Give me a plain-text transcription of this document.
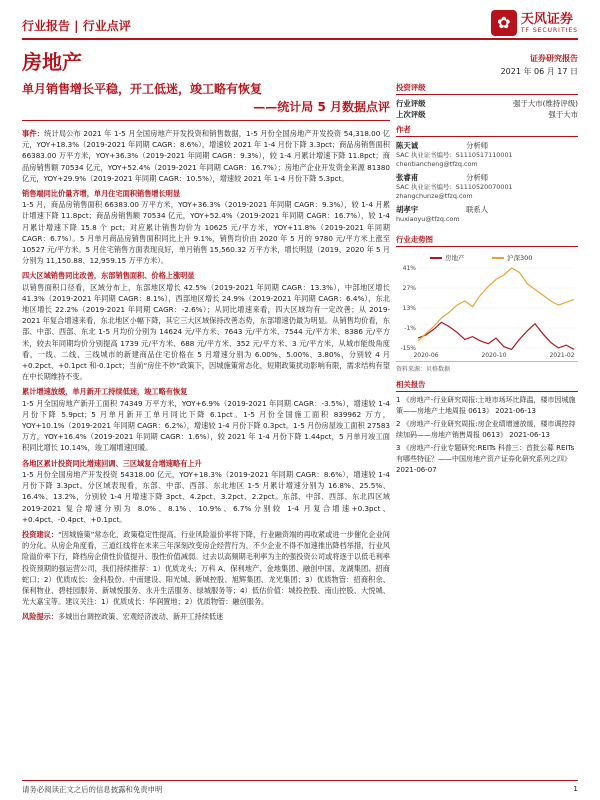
行业报告 | 行业点评	✿ 天风证券
TF SECURITIES
房地产	证券研究报告
2021 年 06 月 17 日
单月销售增长平稳，开工低迷，竣工略有恢复
——统计局 5 月数据点评
事件：统计局公布 2021 年 1-5 月全国房地产开发投资和销售数据，1-5 月份全国房地产开发投资 54,318.00 亿元，YOY+18.3%（2019-2021 年同期 CAGR：8.6%），增速较 2021 年 1-4 月份下降 3.3pct；商品房销售面积 66383.00 万平方米，YOY+36.3%（2019-2021 年同期 CAGR：9.3%），较 1-4 月累计增速下降 11.8pct；商品房销售额 70534 亿元，YOY+52.4%（2019-2021 年同期 CAGR：16.7%）；房地产企业开发资金来源 81380 亿元，YOY+29.9%（2019-2021 年同期 CAGR：10.5%），增速较 2021 年 1-4 月份下降 5.3pct。
销售端同比价量齐增，单月住宅面积销售增长明显
1-5 月，商品房销售面积 66383.00 万平方米，YOY+36.3%（2019-2021 年同期 CAGR：9.3%），较 1-4 月累计增速下降 11.8pct；商品房销售额 70534 亿元，YOY+52.4%（2019-2021 年同期 CAGR：16.7%），较 1-4 月累计增速下降 15.8 个 pct；对应累计销售均价为 10625 元/平方米，YOY+11.8%（2019-2021 年同期 CAGR：6.7%）。5 月单月商品房销售面积同比上升 9.1%，销售均价由 2020 年 5 月的 9780 元/平方米上涨至 10527 元/平方米。5 月住宅销售方面表现良好，单月销售 15,560.32 万平方米，增长明显（2019、2020 年 5 月分别为 11,150.88、12,959.15 万平方米）。
四大区域销售同比改善，东部销售面积、价格上涨明显
以销售面积口径看，区域分布上，东部地区增长 42.5%（2019-2021 年同期 CAGR：13.3%），中部地区增长 41.3%（2019-2021 年同期 CAGR：8.1%），西部地区增长 24.9%（2019-2021 年同期 CAGR：6.4%），东北地区增长 22.2%（2019-2021 年同期 CAGR：-2.6%）；从同比增速来看，四大区域均有一定改善；从 2019-2021 年复合增速来看，东北地区小幅下降，其它三大区域保持改善态势，东部增速仍最为明显。从销售均价看，东部、中部、西部、东北 1-5 月均价分别为 14624 元/平方米、7643 元/平方米、7544 元/平方米、8386 元/平方米，较去年同期均价分别提高 1739 元/平方米、688 元/平方米、352 元/平方米、3 元/平方米，从城市能级角度看，一线、二线、三线城市的新建商品住宅价格在 5 月增速分别为 6.00%、5.00%、3.80%，分别较 4 月+0.2pct、+0.1pct 和-0.1pct；当前“房住不炒”政策下，因城施策常态化，短期政策扰动影响有限，需求结构有望在中长期维持不变。
累计增速放缓，单月新开工持续低迷，竣工略有恢复
1-5 月全国房地产新开工面积 74349 万平方米，YOY+6.9%（2019-2021 年同期 CAGR：-3.5%），增速较 1-4 月份下降 5.9pct；5 月单月新开工单月同比下降 6.1pct。1-5 月份全国施工面积 839962 万方，YOY+10.1%（2019-2021 年同期 CAGR：6.2%），增速较 1-4 月份下降 0.3pct。1-5 月份房屋竣工面积 27583 万方，YOY+16.4%（2019-2021 年同期 CAGR：1.6%），较 2021 年 1-4 月份下降 1.44pct，5 月单月竣工面积同比增长 10.14%，竣工端增速回暖。
各地区累计投资同比增速回调、三区域复合增速略有上升
1-5 月份全国房地产开发投资 54318.00 亿元，YOY+18.3%（2019-2021 年同期 CAGR：8.6%），增速较 1-4 月份下降 3.3pct。分区域表现看，东部、中部、西部、东北地区 1-5 月累计增速分别为 16.8%、25.5%、16.4%、13.2%，分别较 1-4 月增速下降 3pct、4.2pct、3.2pct、2.2pct。东部、中部、西部、东北四区域 2019-2021 复合增速分别为 8.0%、8.1%、10.9%、6.7%分别较 1-4 月复合增速+0.3pct、+0.4pct、-0.4pct、+0.1pct。
投资建议：“因城施策”常态化，政策稳定性提高，行业风险溢价率将下降，行业融资端的再收紧或进一步催化企业间的分化。从房企角度看，三道红线将在未来三年深刻改变房企经营行为，不少企业不得不加速推出降档举措，行业风险溢价率下行，降档房企债性价值提升、股性价值减弱。过去以高频期毛利率为主的强投资公司或将逐于以低毛利率投资预期的强运营公司，我们持续推荐：1）优质龙头；万科 A、保利地产、金地集团、融创中国、龙湖集团、招商蛇口；2）优质成长：金科股份、中南建设、阳光城、新城控股、旭辉集团、龙光集团；3）优质物管：招商积余、保利物业、碧桂园服务、新城悦服务、永升生活服务、绿城服务等；4）低估价值：城投控股、南山控股、大悦城、光大嘉宝等。建议关注：1）优质成长：华润置地；2）优质物管：融创服务。
风险提示：多城出台调控政策、宏观经济波动、新开工持续低迷
投资评级
行业评级	强于大市(维持评级)
上次评级	强于大市
作者
陈天诚	分析师
SAC 执业证书编号：S1110517110001
chentiancheng@tfzq.com
张睿甫	分析师
SAC 执业证书编号：S1110520070001
zhangchunze@tfzq.com
胡孝宇	联系人
huxiaoyu@tfzq.com
行业走势图
41%
27%
13%
-1%
-15%
2020-06	2020-10	2021-02
房地产	沪深300
资料来源：贝格数据
相关报告
1 《房地产-行业研究周报:土地市场环比降温，楼市因城施策——房地产土地周报 0613》 2021-06-13
2 《房地产-行业研究周报:房企业绩增速放缓，楼市调控持续加码——房地产销售周报 0613》 2021-06-13
3 《房地产-行业专题研究:REITs 科普三：首批公募 REITs 有哪些特征？——中国房地产资产证券化研究系列之四》 2021-06-07
请务必阅读正文之后的信息披露和免责申明	1
